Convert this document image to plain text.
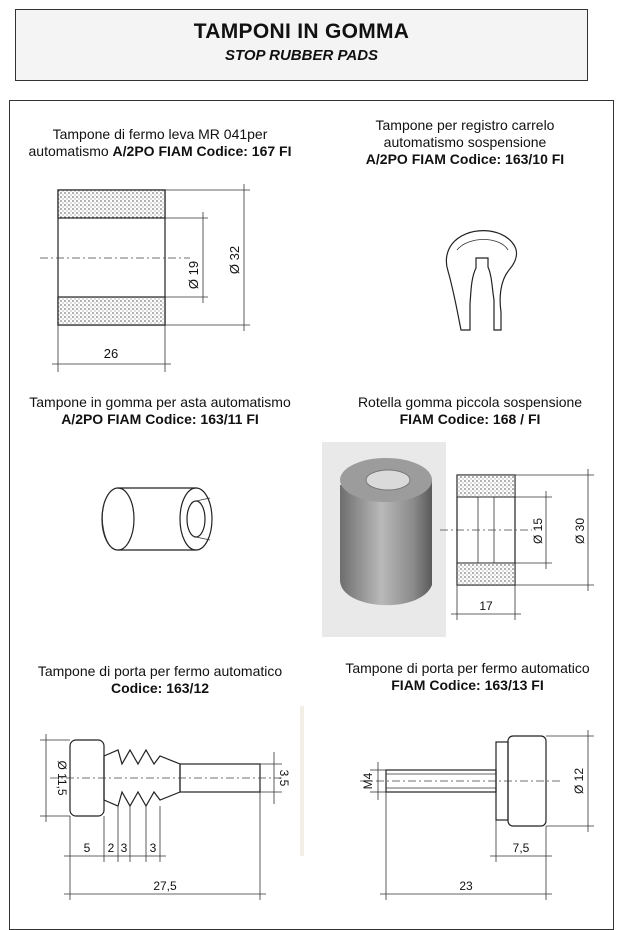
TAMPONI IN GOMMA
STOP RUBBER PADS
Tampone di fermo leva MR 041per
automatismo A/2PO FIAM Codice: 167 FI
Tampone per registro carrelo
automatismo sospensione
A/2PO FIAM Codice: 163/10 FI
Tampone in gomma per asta automatismo
A/2PO FIAM Codice: 163/11 FI
Rotella gomma piccola sospensione
FIAM Codice: 168 / FI
Tampone di porta per fermo automatico
Codice: 163/12
Tampone di porta per fermo automatico
FIAM Codice: 163/13 FI
Ø 19
Ø 32
26
Ø 15 Ø 30
17
Ø 11,5
5 2 3 3
27,5
3,5	M4	Ø 12
7,5
23
